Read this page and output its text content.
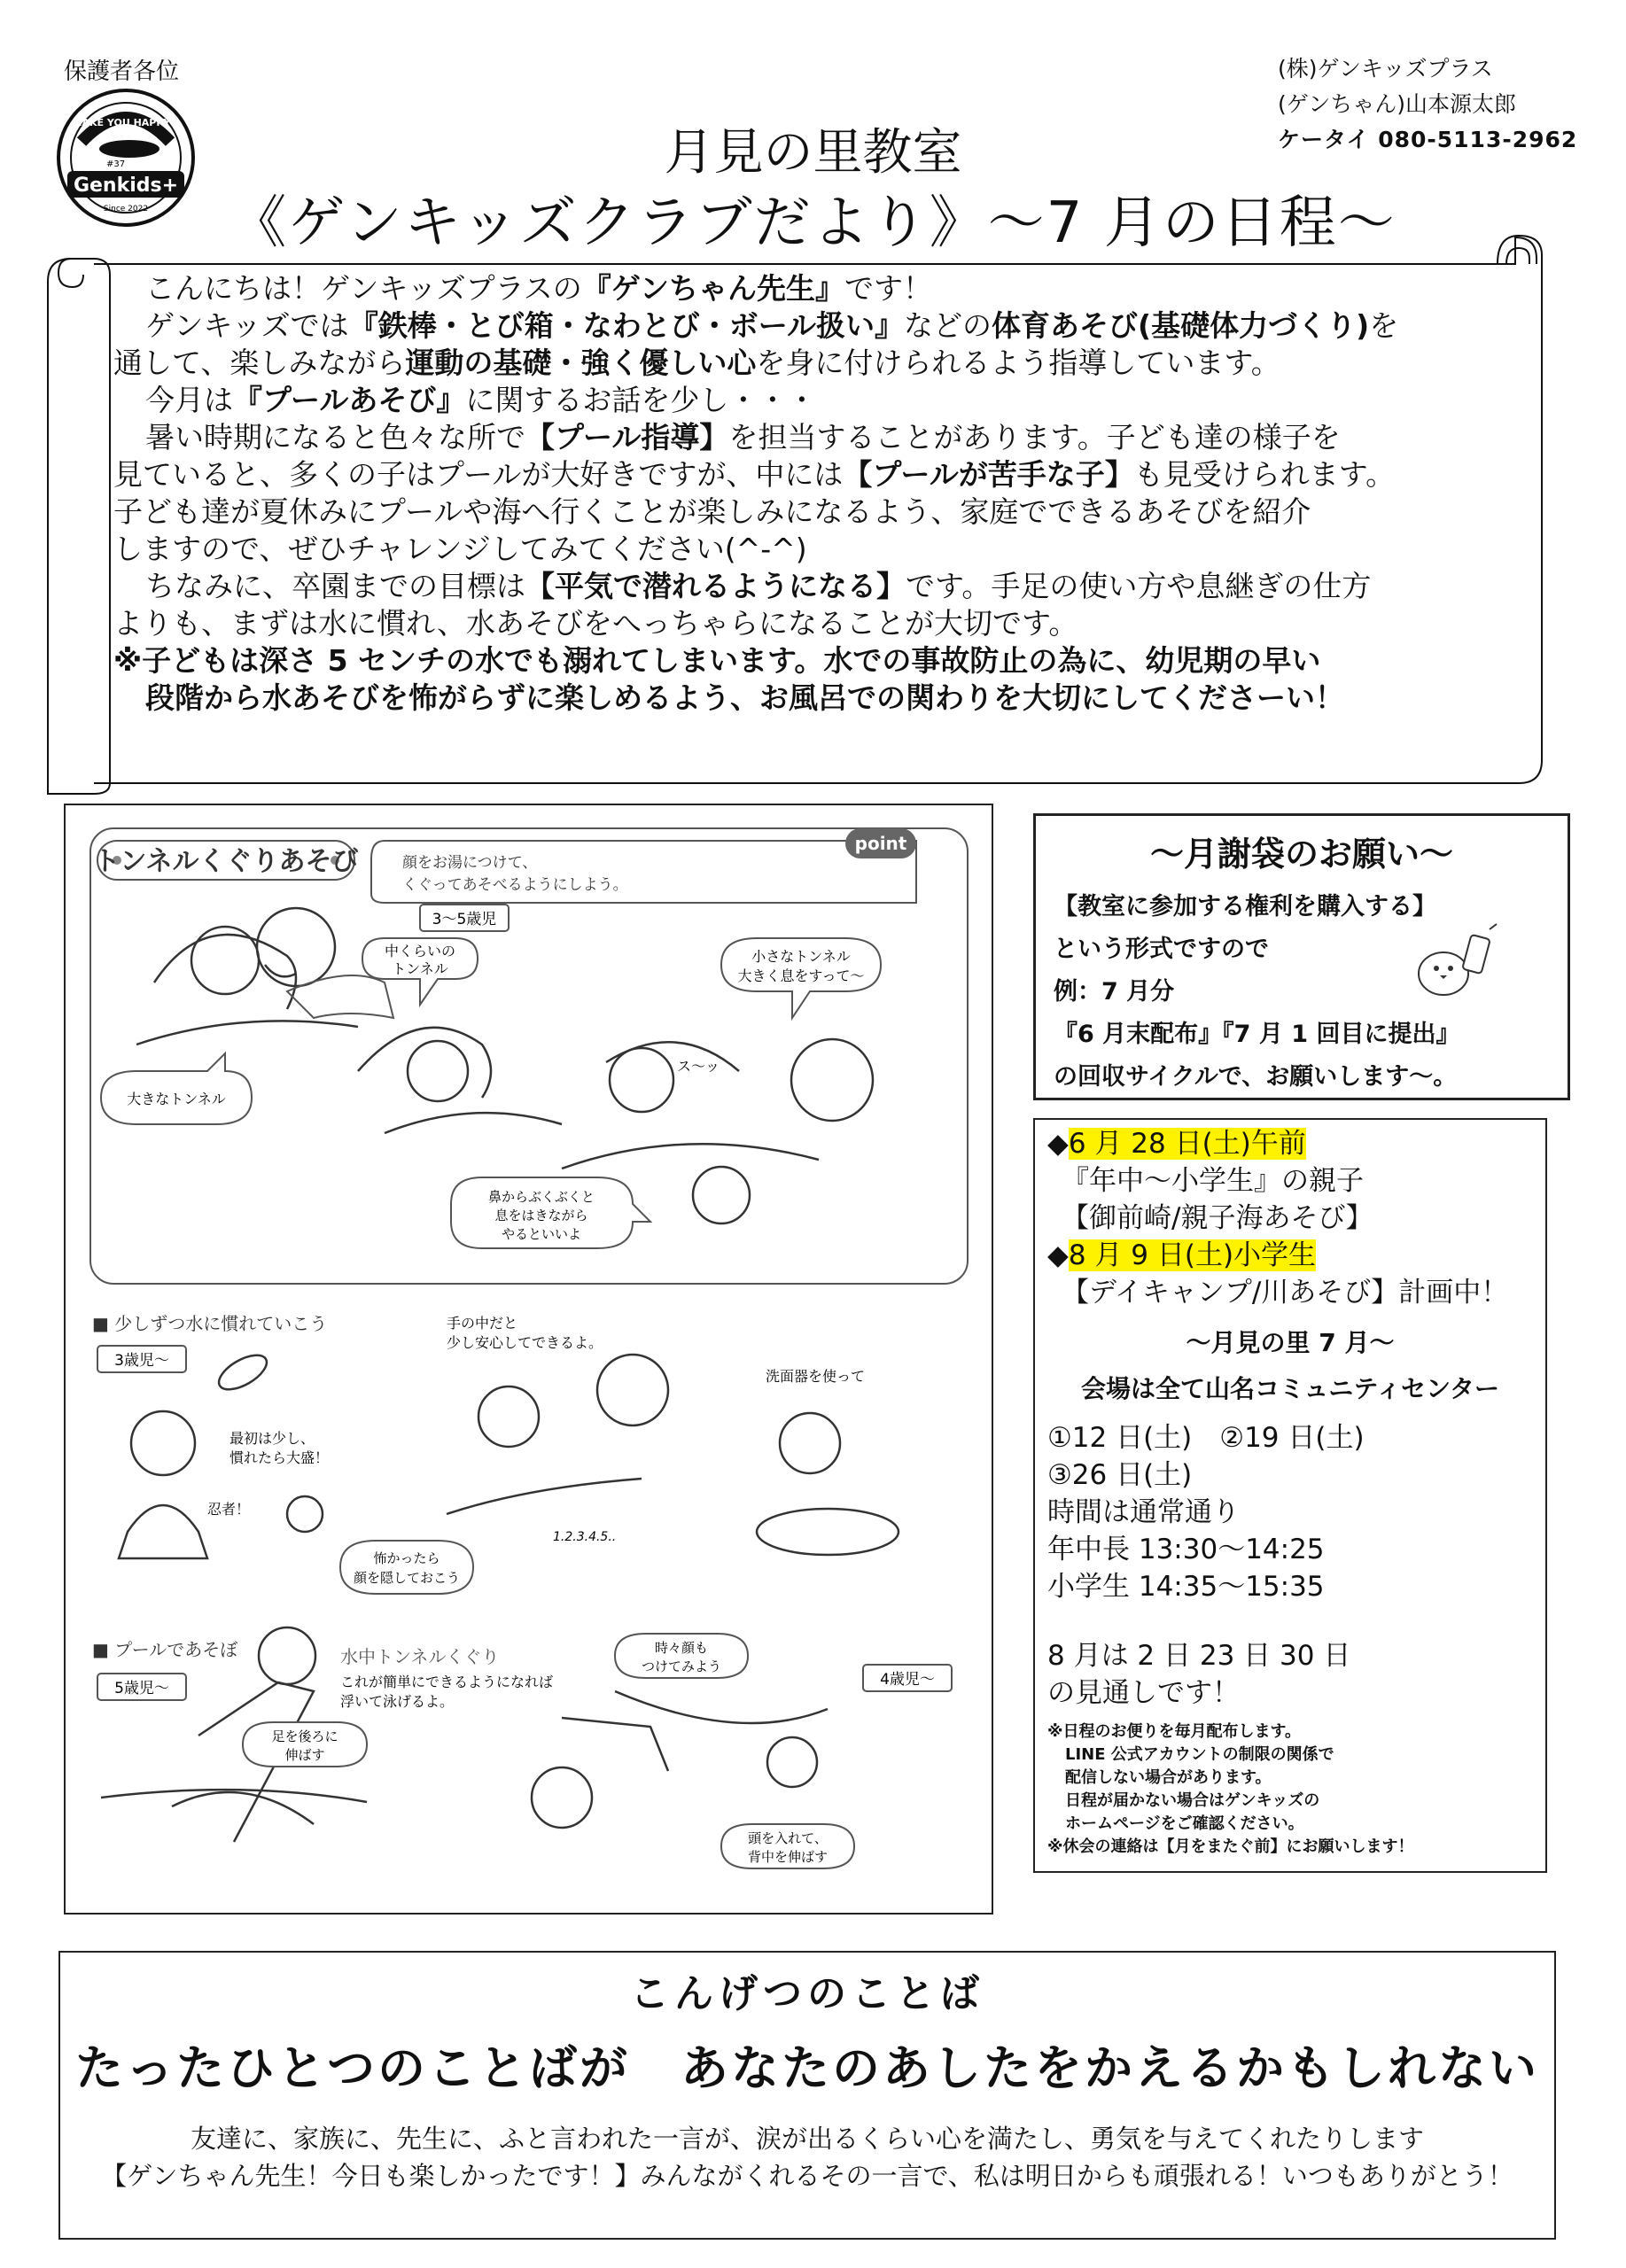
保護者各位
MAKE YOU HAPPY!!
#37
Genkids+
Since 2022
(株)ゲンキッズプラス
(ゲンちゃん)山本源太郎
ケータイ 080-5113-2962
月見の里教室
《ゲンキッズクラブだより》～7 月の日程～

こんにちは！ゲンキッズプラスの『ゲンちゃん先生』です！

ゲンキッズでは『鉄棒・とび箱・なわとび・ボール扱い』などの体育あそび(基礎体力づくり)を

通して、楽しみながら運動の基礎・強く優しい心を身に付けられるよう指導しています。

今月は『プールあそび』に関するお話を少し・・・

暑い時期になると色々な所で【プール指導】を担当することがあります。子ども達の様子を

見ていると、多くの子はプールが大好きですが、中には【プールが苦手な子】も見受けられます。

子ども達が夏休みにプールや海へ行くことが楽しみになるよう、家庭でできるあそびを紹介

しますので、ぜひチャレンジしてみてください(^-^)

ちなみに、卒園までの目標は【平気で潜れるようになる】です。手足の使い方や息継ぎの仕方

よりも、まずは水に慣れ、水あそびをへっちゃらになることが大切です。

※子どもは深さ 5 センチの水でも溺れてしまいます。水での事故防止の為に、幼児期の早い

段階から水あそびを怖がらずに楽しめるよう、お風呂での関わりを大切にしてくださーい！

トンネルくぐりあそび	顔をお湯につけて、
くぐってあそべるようにしよう。
point
3～5歳児
中くらいの
トンネル
小さなトンネル
大きく息をすって～
大きなトンネル
ス～ッ
鼻からぶくぶくと
息をはきながら
やるといいよ
■ 少しずつ水に慣れていこう
3歳児～
最初は少し、
慣れたら大盛！
忍者！
手の中だと
少し安心してできるよ。
洗面器を使って
怖かったら
顔を隠しておこう
1.2.3.4.5..
■ プールであそぼ
5歳児～	4歳児～
水中トンネルくぐり
これが簡単にできるようになれば
浮いて泳げるよ。
足を後ろに
伸ばす
時々顔も
つけてみよう
頭を入れて、
背中を伸ばす
～月謝袋のお願い～
【教室に参加する権利を購入する】
という形式ですので
例：7 月分
『6 月末配布』『7 月 1 回目に提出』
の回収サイクルで、お願いします～。
◆6 月 28 日(土)午前
『年中～小学生』の親子
【御前崎/親子海あそび】
◆8 月 9 日(土)小学生
【デイキャンプ/川あそび】計画中！
～月見の里 7 月～
会場は全て山名コミュニティセンター
①12 日(土)　②19 日(土)
③26 日(土)
時間は通常通り
年中長 13:30～14:25
小学生 14:35～15:35
8 月は 2 日 23 日 30 日
の見通しです！
※日程のお便りを毎月配布します。
LINE 公式アカウントの制限の関係で
配信しない場合があります。
日程が届かない場合はゲンキッズの
ホームページをご確認ください。
※休会の連絡は【月をまたぐ前】にお願いします！
こんげつのことば
たったひとつのことばが　あなたのあしたをかえるかもしれない
友達に、家族に、先生に、ふと言われた一言が、涙が出るくらい心を満たし、勇気を与えてくれたりします
【ゲンちゃん先生！今日も楽しかったです！】みんながくれるその一言で、私は明日からも頑張れる！いつもありがとう！
